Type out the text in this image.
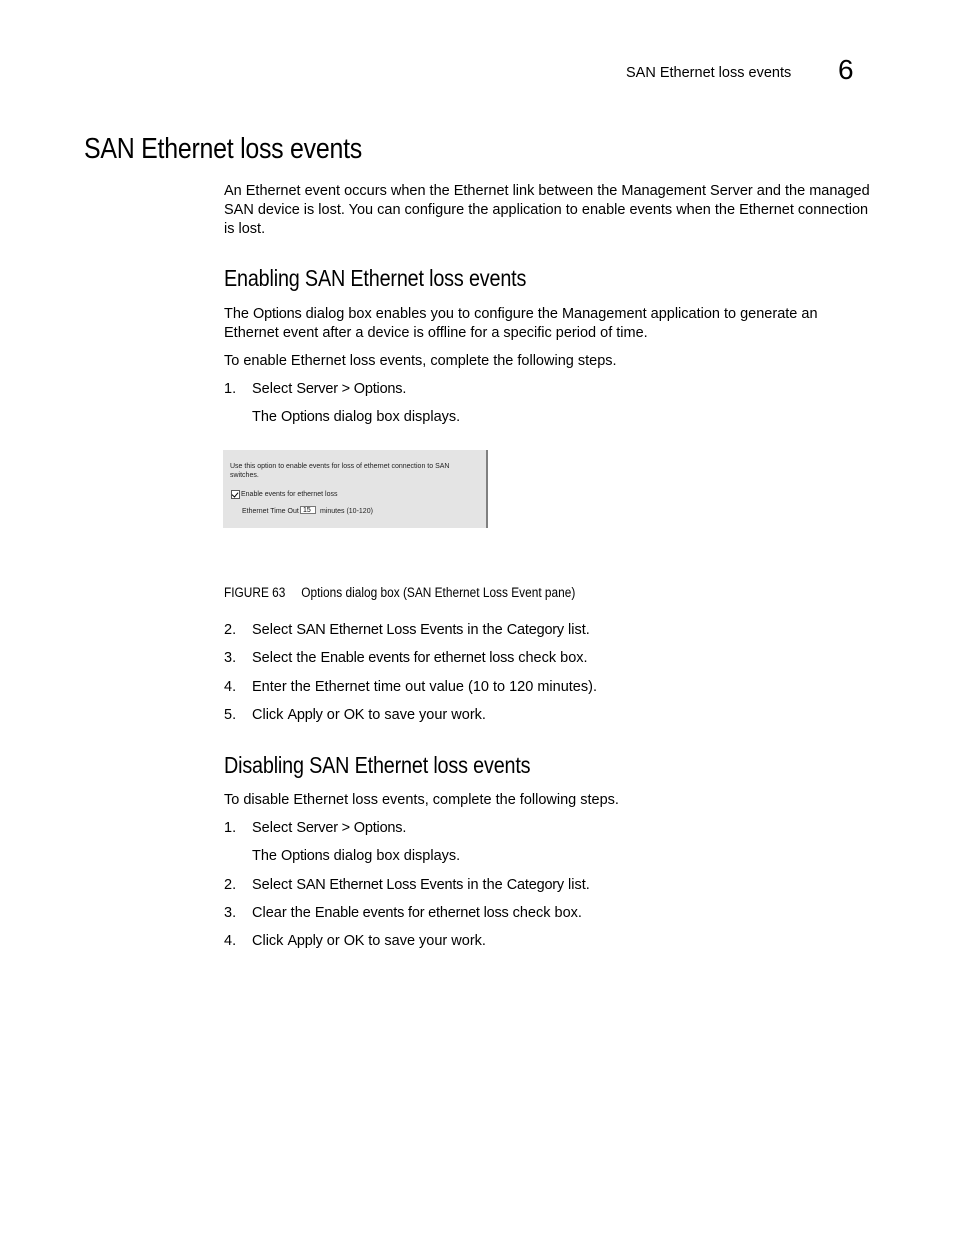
SAN Ethernet loss events 6
SAN Ethernet loss events
An Ethernet event occurs when the Ethernet link between the Management Server and the managed SAN device is lost. You can configure the application to enable events when the Ethernet connection is lost.
Enabling SAN Ethernet loss events
The Options dialog box enables you to configure the Management application to generate an Ethernet event after a device is offline for a specific period of time.
To enable Ethernet loss events, complete the following steps.
1. Select Server > Options.
The Options dialog box displays.
Use this option to enable events for loss of ethernet connection to SAN
switches.
Enable events for ethernet loss
Ethernet Time Out 15	minutes (10-120)
FIGURE 63 Options dialog box (SAN Ethernet Loss Event pane)
2. Select SAN Ethernet Loss Events in the Category list.
3. Select the Enable events for ethernet loss check box.
4. Enter the Ethernet time out value (10 to 120 minutes).
5. Click Apply or OK to save your work.
Disabling SAN Ethernet loss events
To disable Ethernet loss events, complete the following steps.
1. Select Server > Options.
The Options dialog box displays.
2. Select SAN Ethernet Loss Events in the Category list.
3. Clear the Enable events for ethernet loss check box.
4. Click Apply or OK to save your work.
